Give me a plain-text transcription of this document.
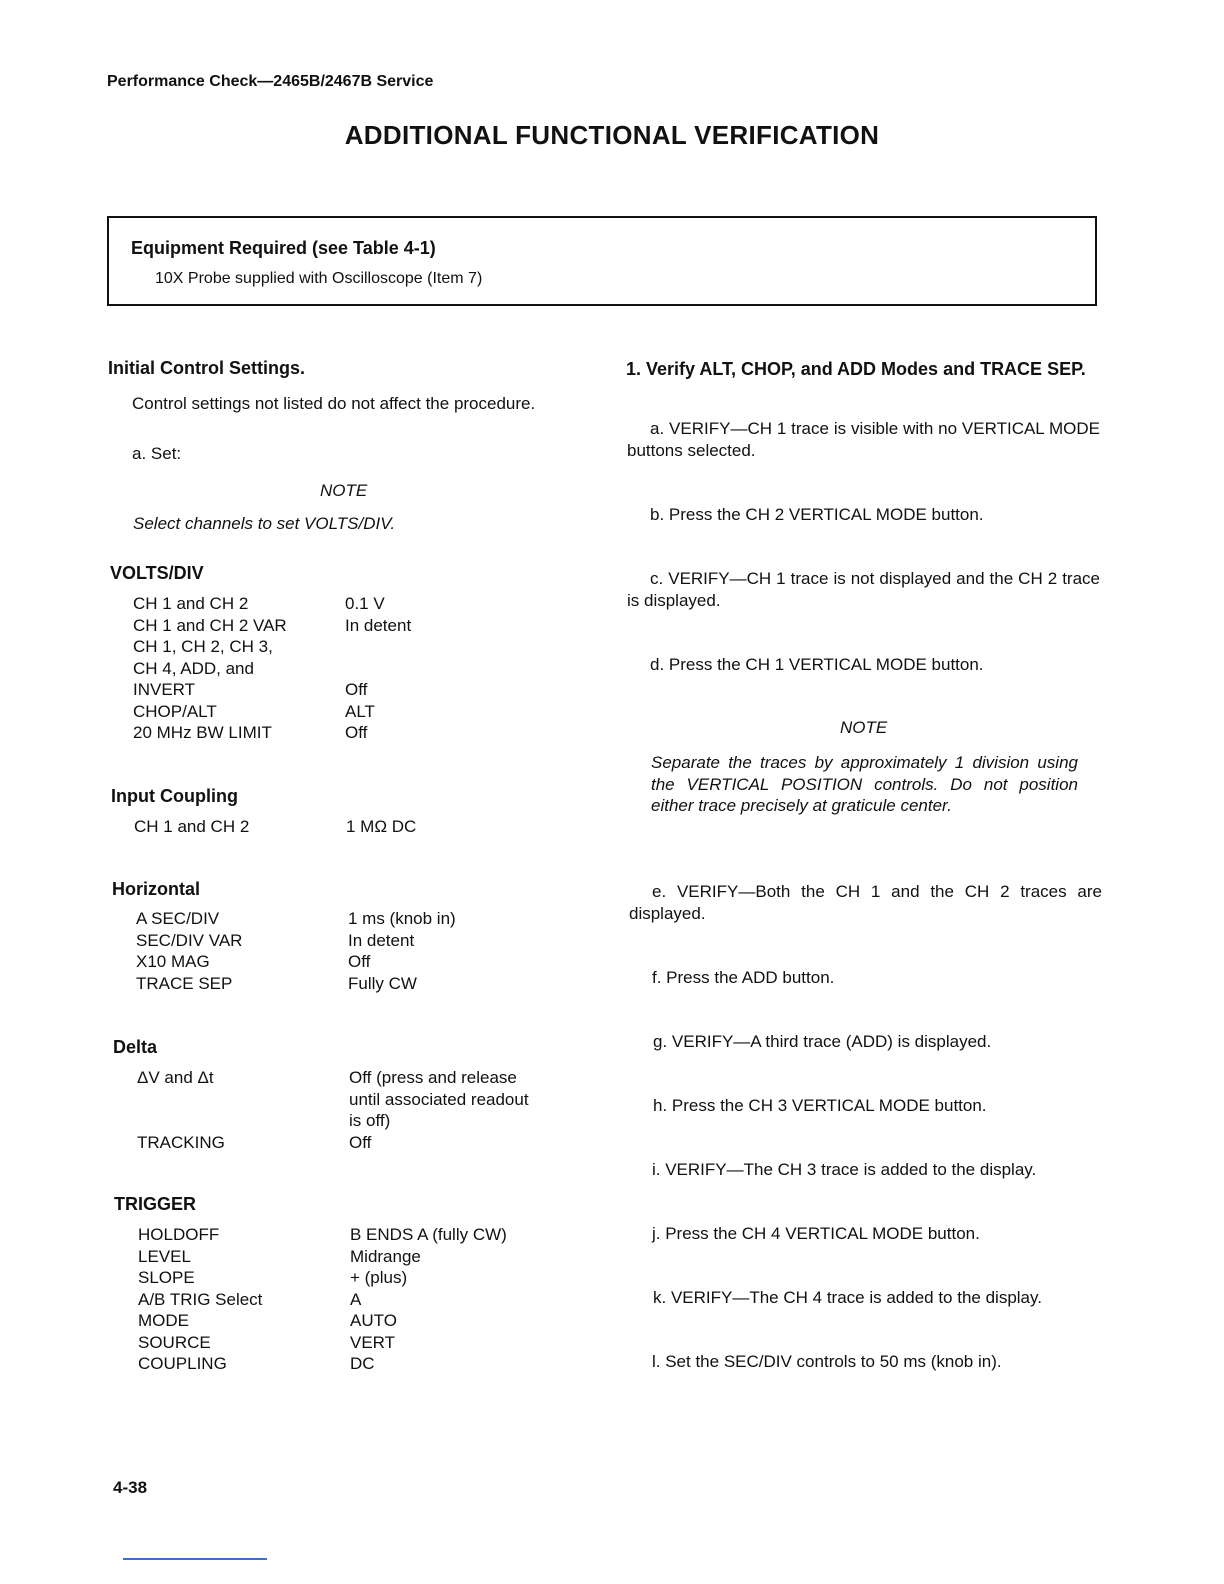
Performance Check—2465B/2467B Service
ADDITIONAL FUNCTIONAL VERIFICATION
Equipment Required (see Table 4-1)
10X Probe supplied with Oscilloscope (Item 7)
Initial Control Settings.
Control settings not listed do not affect the procedure.
a. Set:
NOTE
Select channels to set VOLTS/DIV.
VOLTS/DIV
CH 1 and CH 2	0.1 V
CH 1 and CH 2 VAR	In detent
CH 1, CH 2, CH 3,
CH 4, ADD, and
INVERT	Off
CHOP/ALT	ALT
20 MHz BW LIMIT	Off
Input Coupling
CH 1 and CH 2	1 MΩ DC
Horizontal
A SEC/DIV	1 ms (knob in)
SEC/DIV VAR	In detent
X10 MAG	Off
TRACE SEP	Fully CW
Delta
ΔV and Δt	Off (press and release
until associated readout
is off)
TRACKING	Off
TRIGGER
HOLDOFF	B ENDS A (fully CW)
LEVEL	Midrange
SLOPE	+ (plus)
A/B TRIG Select	A
MODE	AUTO
SOURCE	VERT
COUPLING	DC
1. Verify ALT, CHOP, and ADD Modes and TRACE SEP.
a. VERIFY—CH 1 trace is visible with no VERTICAL MODE buttons selected.
b. Press the CH 2 VERTICAL MODE button.
c. VERIFY—CH 1 trace is not displayed and the CH 2 trace is displayed.
d. Press the CH 1 VERTICAL MODE button.
NOTE
Separate the traces by approximately 1 division using the VERTICAL POSITION controls. Do not position either trace precisely at graticule center.
e. VERIFY—Both the CH 1 and the CH 2 traces are displayed.
f. Press the ADD button.
g. VERIFY—A third trace (ADD) is displayed.
h. Press the CH 3 VERTICAL MODE button.
i. VERIFY—The CH 3 trace is added to the display.
j. Press the CH 4 VERTICAL MODE button.
k. VERIFY—The CH 4 trace is added to the display.
l. Set the SEC/DIV controls to 50 ms (knob in).
4-38
